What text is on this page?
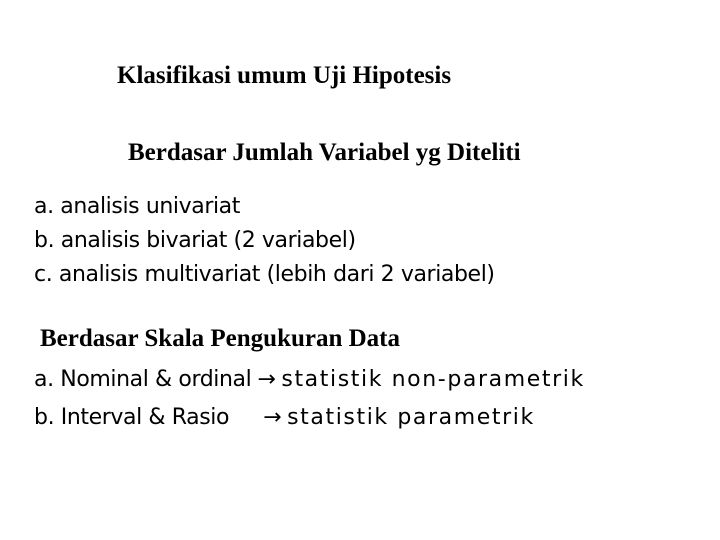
Klasifikasi umum Uji Hipotesis
Berdasar Jumlah Variabel yg Diteliti
a. analisis univariat
b. analisis bivariat (2 variabel)
c. analisis multivariat (lebih dari 2 variabel)
Berdasar Skala Pengukuran Data
a. Nominal & ordinal → statistik non-parametrik
b. Interval & Rasio → statistik parametrik
